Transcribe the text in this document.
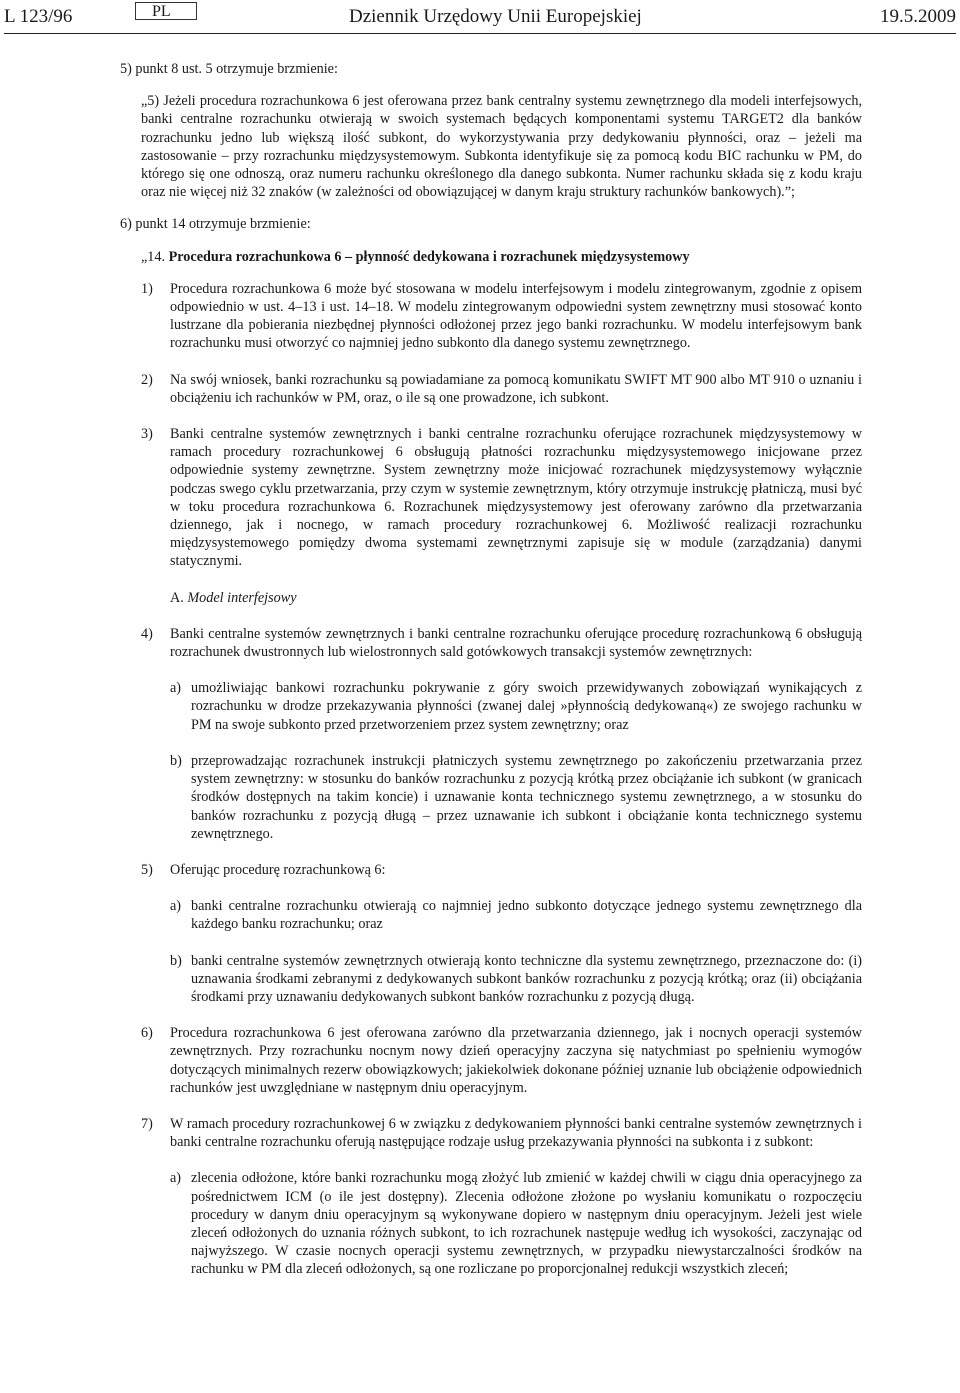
L 123/96	PL	Dziennik Urzędowy Unii Europejskiej	19.5.2009

5) punkt 8 ust. 5 otrzymuje brzmienie:

„5) Jeżeli procedura rozrachunkowa 6 jest oferowana przez bank centralny systemu zewnętrznego dla modeli interfejsowych, banki centralne rozrachunku otwierają w swoich systemach będących komponentami systemu TARGET2 dla banków rozrachunku jedno lub większą ilość subkont, do wykorzystywania przy dedykowaniu płynności, oraz – jeżeli ma zastosowanie – przy rozrachunku międzysystemowym. Subkonta identyfikuje się za pomocą kodu BIC rachunku w PM, do którego się one odnoszą, oraz numeru rachunku określonego dla danego subkonta. Numer rachunku składa się z kodu kraju oraz nie więcej niż 32 znaków (w zależności od obowiązującej w danym kraju struktury rachunków bankowych).”;

6) punkt 14 otrzymuje brzmienie:

„14. Procedura rozrachunkowa 6 – płynność dedykowana i rozrachunek międzysystemowy

1)	Procedura rozrachunkowa 6 może być stosowana w modelu interfejsowym i modelu zintegrowanym, zgodnie z opisem odpowiednio w ust. 4–13 i ust. 14–18. W modelu zintegrowanym odpowiedni system zewnętrzny musi stosować konto lustrzane dla pobierania niezbędnej płynności odłożonej przez jego banki rozrachunku. W modelu interfejsowym bank rozrachunku musi otworzyć co najmniej jedno subkonto dla danego systemu zewnętrznego.
2)	Na swój wniosek, banki rozrachunku są powiadamiane za pomocą komunikatu SWIFT MT 900 albo MT 910 o uznaniu i obciążeniu ich rachunków w PM, oraz, o ile są one prowadzone, ich subkont.
3)	Banki centralne systemów zewnętrznych i banki centralne rozrachunku oferujące rozrachunek międzysystemowy w ramach procedury rozrachunkowej 6 obsługują płatności rozrachunku międzysystemowego inicjowane przez odpowiednie systemy zewnętrzne. System zewnętrzny może inicjować rozrachunek międzysystemowy wyłącznie podczas swego cyklu przetwarzania, przy czym w systemie zewnętrznym, który otrzymuje instrukcję płatniczą, musi być w toku procedura rozrachunkowa 6. Rozrachunek międzysystemowy jest oferowany zarówno dla przetwarzania dziennego, jak i nocnego, w ramach procedury rozrachunkowej 6. Możliwość realizacji rozrachunku międzysystemowego pomiędzy dwoma systemami zewnętrznymi zapisuje się w module (zarządzania) danymi statycznymi.

A. Model interfejsowy

4)	Banki centralne systemów zewnętrznych i banki centralne rozrachunku oferujące procedurę rozrachunkową 6 obsługują rozrachunek dwustronnych lub wielostronnych sald gotówkowych transakcji systemów zewnętrznych:
a) umożliwiając bankowi rozrachunku pokrywanie z góry swoich przewidywanych zobowiązań wynikających z rozrachunku w drodze przekazywania płynności (zwanej dalej »płynnością dedykowaną«) ze swojego rachunku w PM na swoje subkonto przed przetworzeniem przez system zewnętrzny; oraz
b) przeprowadzając rozrachunek instrukcji płatniczych systemu zewnętrznego po zakończeniu przetwarzania przez system zewnętrzny: w stosunku do banków rozrachunku z pozycją krótką przez obciążanie ich subkont (w granicach środków dostępnych na takim koncie) i uznawanie konta technicznego systemu zewnętrznego, a w stosunku do banków rozrachunku z pozycją długą – przez uznawanie ich subkont i obciążanie konta technicznego systemu zewnętrznego.
5)	Oferując procedurę rozrachunkową 6:
a) banki centralne rozrachunku otwierają co najmniej jedno subkonto dotyczące jednego systemu zewnętrznego dla każdego banku rozrachunku; oraz
b) banki centralne systemów zewnętrznych otwierają konto techniczne dla systemu zewnętrznego, przeznaczone do: (i) uznawania środkami zebranymi z dedykowanych subkont banków rozrachunku z pozycją krótką; oraz (ii) obciążania środkami przy uznawaniu dedykowanych subkont banków rozrachunku z pozycją długą.
6)	Procedura rozrachunkowa 6 jest oferowana zarówno dla przetwarzania dziennego, jak i nocnych operacji systemów zewnętrznych. Przy rozrachunku nocnym nowy dzień operacyjny zaczyna się natychmiast po spełnieniu wymogów dotyczących minimalnych rezerw obowiązkowych; jakiekolwiek dokonane później uznanie lub obciążenie odpowiednich rachunków jest uwzględniane w następnym dniu operacyjnym.
7)	W ramach procedury rozrachunkowej 6 w związku z dedykowaniem płynności banki centralne systemów zewnętrznych i banki centralne rozrachunku oferują następujące rodzaje usług przekazywania płynności na subkonta i z subkont:
a) zlecenia odłożone, które banki rozrachunku mogą złożyć lub zmienić w każdej chwili w ciągu dnia operacyjnego za pośrednictwem ICM (o ile jest dostępny). Zlecenia odłożone złożone po wysłaniu komunikatu o rozpoczęciu procedury w danym dniu operacyjnym są wykonywane dopiero w następnym dniu operacyjnym. Jeżeli jest wiele zleceń odłożonych do uznania różnych subkont, to ich rozrachunek następuje według ich wysokości, zaczynając od najwyższego. W czasie nocnych operacji systemu zewnętrznych, w przypadku niewystarczalności środków na rachunku w PM dla zleceń odłożonych, są one rozliczane po proporcjonalnej redukcji wszystkich zleceń;
